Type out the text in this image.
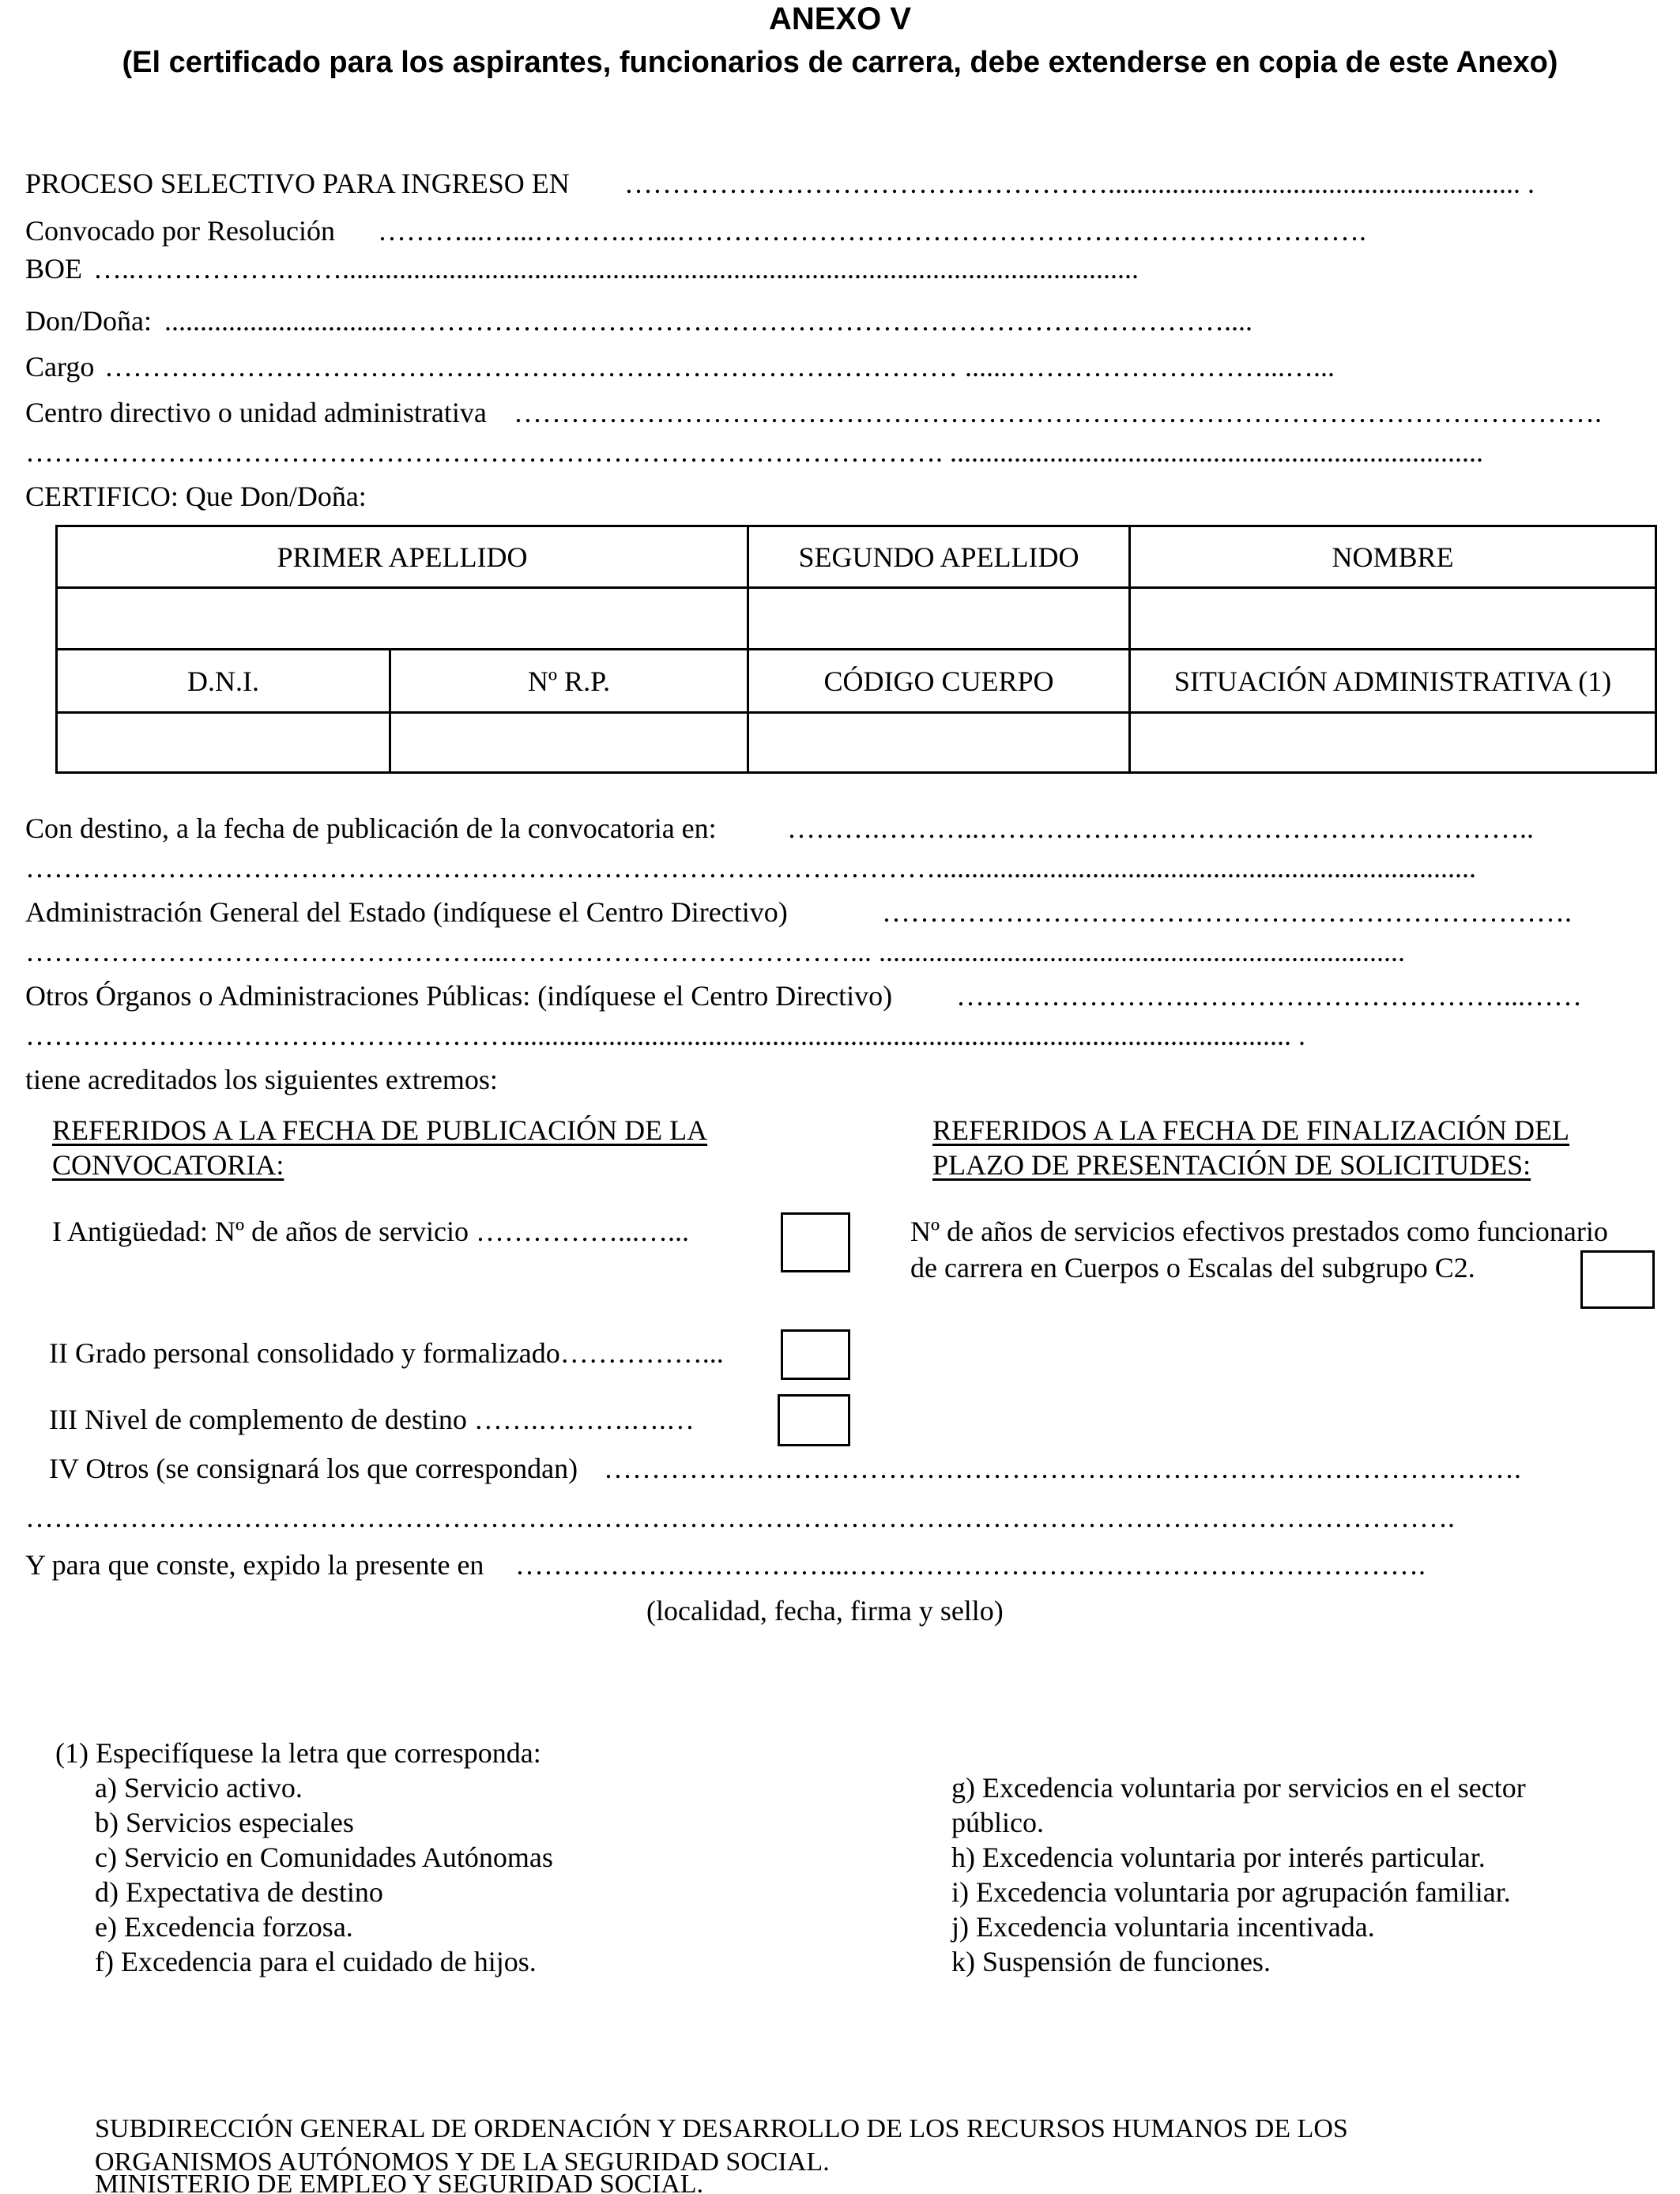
ANEXO V
(El certificado para los aspirantes, funcionarios de carrera, debe extenderse en copia de este Anexo)
PROCESO SELECTIVO PARA INGRESO EN …………………………………………….......................................................... .
Convocado por Resolución ………...…...……….…...……………………………………………………………….
BOE …..…………….……................................................................................................................
Don/Doña: .................................……………………………………………………………………………....
Cargo ……………………………………………………………………………… ......………………………...…...
Centro directivo o unidad administrativa …………………………………………………………………………………………………….
……………………………………………………………………………………. ...........................................................................
CERTIFICO: Que Don/Doña:
PRIMER APELLIDO		SEGUNDO APELLIDO	NOMBRE

D.N.I.	Nº R.P.	CÓDIGO CUERPO	SITUACIÓN ADMINISTRATIVA (1)

Con destino, a la fecha de publicación de la convocatoria en: ……….………..…………………………………………………..
……………………………………………………………………………………............................................................................
Administración General del Estado (indíquese el Centro Directivo)	……………………………………………………………….
…………………………………………....………………………………... ..........................................................................
Otros Órganos o Administraciones Públicas: (indíquese el Centro Directivo) …………………….……………………………...……
…………………………………………….............................................................................................................. .
tiene acreditados los siguientes extremos:
REFERIDOS A LA FECHA DE PUBLICACIÓN DE LA
CONVOCATORIA:
REFERIDOS A LA FECHA DE FINALIZACIÓN DEL
PLAZO DE PRESENTACIÓN DE SOLICITUDES:
I Antigüedad: Nº de años de servicio ……………...…...	Nº de años de servicios efectivos prestados como funcionario
de carrera en Cuerpos o Escalas del subgrupo C2.
II Grado personal consolidado y formalizado……………...
III Nivel de complemento de destino …….……….….…
IV Otros (se consignará los que correspondan) …………………………………………………………………………………….
…………………………………………………………………………………………………………………………………….
Y para que conste, expido la presente en ……………………………...…………………………………………………….
(localidad, fecha, firma y sello)
(1) Especifíquese la letra que corresponda:
a) Servicio activo.
b) Servicios especiales
c) Servicio en Comunidades Autónomas
d) Expectativa de destino
e) Excedencia forzosa.
f) Excedencia para el cuidado de hijos.
g) Excedencia voluntaria por servicios en el sector
público.
h) Excedencia voluntaria por interés particular.
i) Excedencia voluntaria por agrupación familiar.
j) Excedencia voluntaria incentivada.
k) Suspensión de funciones.
SUBDIRECCIÓN GENERAL DE ORDENACIÓN Y DESARROLLO DE LOS RECURSOS HUMANOS DE LOS
ORGANISMOS AUTÓNOMOS Y DE LA SEGURIDAD SOCIAL.
MINISTERIO DE EMPLEO Y SEGURIDAD SOCIAL.
